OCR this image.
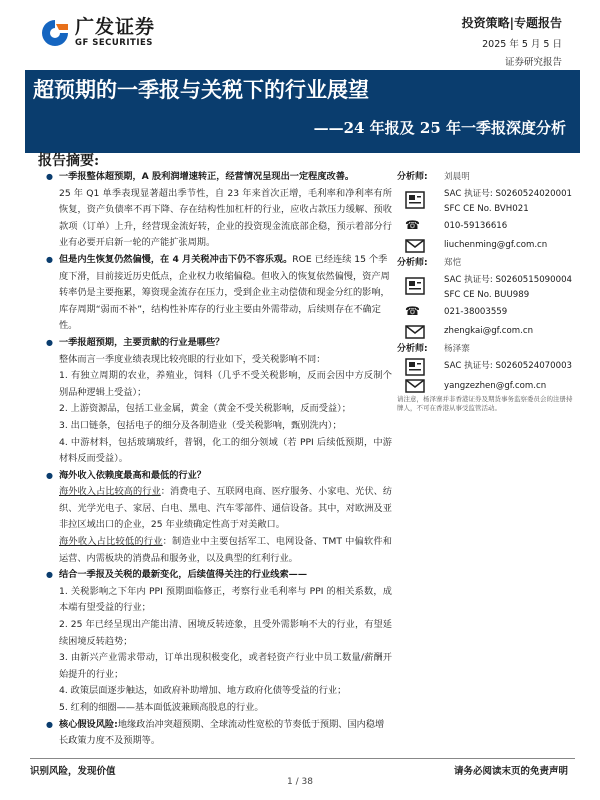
广发证券
GF SECURITIES
投资策略|专题报告
2025 年 5 月 5 日
证券研究报告
超预期的一季报与关税下的行业展望
——24 年报及 25 年一季报深度分析
报告摘要:
● 一季报整体超预期，A 股利润增速转正，经营情况呈现出一定程度改善。
25 年 Q1 单季表现显著超出季节性，自 23 年来首次正增，毛利率和净利率有所恢复，资产负债率不再下降、存在结构性加杠杆的行业，应收占款压力缓解、预收款项（订单）上升，经营现金流好转，企业的投资现金流底部企稳，预示着部分行业有必要开启新一轮的产能扩张周期。
● 但是内生恢复仍然偏慢，在 4 月关税冲击下仍不容乐观。ROE 已经连续 15 个季度下滑，目前接近历史低点，企业权力收缩偏稳。但收入的恢复依然偏慢，资产周转率仍是主要拖累，筹资现金流存在压力，受到企业主动偿债和现金分红的影响，库存周期“弱而不补”，结构性补库存的行业主要由外需带动，后续则存在不确定性。
● 一季报超预期，主要贡献的行业是哪些？
整体而言一季度业绩表现比较亮眼的行业如下，受关税影响不同：
1. 有独立周期的农业，养殖业，饲料（几乎不受关税影响，反而会因中方反制个别品种逻辑上受益）；
2. 上游资源品，包括工业金属，黄金（黄金不受关税影响，反而受益）；
3. 出口链条，包括电子的细分及各制造业（受关税影响，甄别洗内）；
4. 中游材料，包括玻璃玻纤，普钢，化工的细分领域（若 PPI 后续低预期，中游材料反而受益）。
● 海外收入依赖度最高和最低的行业？
海外收入占比较高的行业：消费电子、互联网电商、医疗服务、小家电、光伏、纺织、光学光电子、家居、白电、黑电、汽车零部件、通信设备。其中，对欧洲及亚非拉区域出口的企业，25 年业绩确定性高于对美敞口。
海外收入占比较低的行业：制造业中主要包括军工、电网设备、TMT 中偏软件和运营、内需板块的消费品和服务业，以及典型的红利行业。
● 结合一季报及关税的最新变化，后续值得关注的行业线索——
1. 关税影响之下年内 PPI 预期面临修正，考察行业毛利率与 PPI 的相关系数，成本端有望受益的行业；
2. 25 年已经呈现出产能出清、困境反转迹象，且受外需影响不大的行业，有望延续困境反转趋势；
3. 由新兴产业需求带动，订单出现积极变化，或者轻资产行业中员工数量/薪酬开始提升的行业；
4. 政策层面逐步触达，如政府补助增加、地方政府化债等受益的行业；
5. 红利的细圈——基本面低波兼顾高股息的行业。
● 核心假设风险:地缘政治冲突超预期、全球流动性宽松的节奏低于预期、国内稳增长政策力度不及预期等。
分析师: 刘晨明
SAC 执证号: S0260524020001
SFC CE No. BVH021
☎	010-59136616
liuchenming@gf.com.cn
分析师: 郑恺
SAC 执证号: S0260515090004
SFC CE No. BUU989
☎	021-38003559
zhengkai@gf.com.cn
分析师: 杨泽寨
SAC 执证号: S0260524070003
yangzezhen@gf.com.cn
请注意，杨泽寨并非香港证券及期货事务监察委员会的注册持牌人，不可在香港从事受监管活动。
识别风险，发现价值	请务必阅读末页的免责声明
1 / 38
